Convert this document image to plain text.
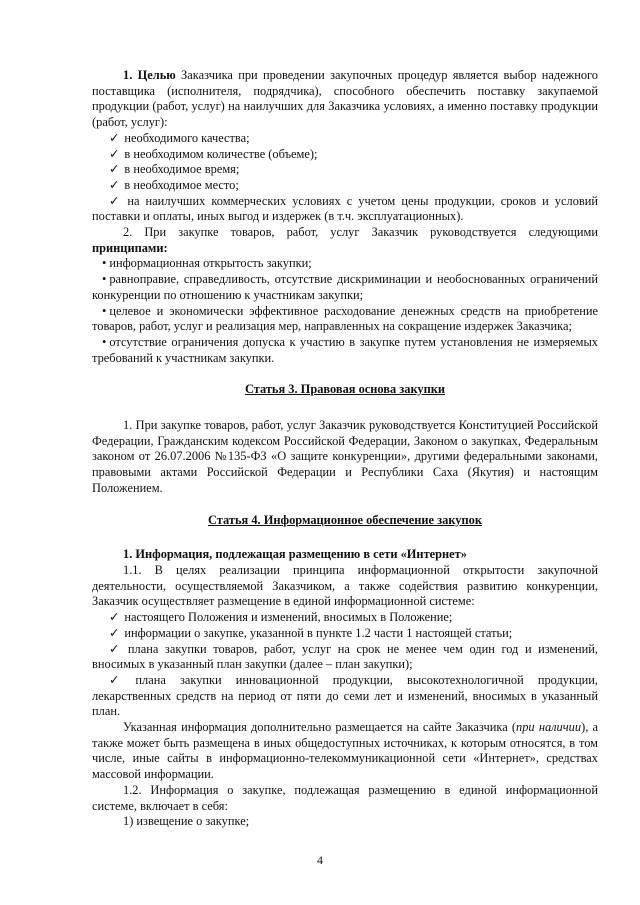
1. Целью Заказчика при проведении закупочных процедур является выбор надежного поставщика (исполнителя, подрядчика), способного обеспечить поставку закупаемой продукции (работ, услуг) на наилучших для Заказчика условиях, а именно поставку продукции (работ, услуг):

✓ необходимого качества;

✓ в необходимом количестве (объеме);

✓ в необходимое время;

✓ в необходимое место;

✓ на наилучших коммерческих условиях с учетом цены продукции, сроков и условий поставки и оплаты, иных выгод и издержек (в т.ч. эксплуатационных).

2. При закупке товаров, работ, услуг Заказчик руководствуется следующими принципами:

• информационная открытость закупки;

• равноправие, справедливость, отсутствие дискриминации и необоснованных ограничений конкуренции по отношению к участникам закупки;

• целевое и экономически эффективное расходование денежных средств на приобретение товаров, работ, услуг и реализация мер, направленных на сокращение издержек Заказчика;

• отсутствие ограничения допуска к участию в закупке путем установления не измеряемых требований к участникам закупки.

Статья 3. Правовая основа закупки

1. При закупке товаров, работ, услуг Заказчик руководствуется Конституцией Российской Федерации, Гражданским кодексом Российской Федерации, Законом о закупках, Федеральным законом от 26.07.2006 №135-ФЗ «О защите конкуренции», другими федеральными законами, правовыми актами Российской Федерации и Республики Саха (Якутия) и настоящим Положением.

Статья 4. Информационное обеспечение закупок

1. Информация, подлежащая размещению в сети «Интернет»

1.1. В целях реализации принципа информационной открытости закупочной деятельности, осуществляемой Заказчиком, а также содействия развитию конкуренции, Заказчик осуществляет размещение в единой информационной системе:

✓ настоящего Положения и изменений, вносимых в Положение;

✓ информации о закупке, указанной в пункте 1.2 части 1 настоящей статьи;

✓ плана закупки товаров, работ, услуг на срок не менее чем один год и изменений, вносимых в указанный план закупки (далее – план закупки);

✓ плана закупки инновационной продукции, высокотехнологичной продукции, лекарственных средств на период от пяти до семи лет и изменений, вносимых в указанный план.

Указанная информация дополнительно размещается на сайте Заказчика (при наличии), а также может быть размещена в иных общедоступных источниках, к которым относятся, в том числе, иные сайты в информационно-телекоммуникационной сети «Интернет», средствах массовой информации.

1.2. Информация о закупке, подлежащая размещению в единой информационной системе, включает в себя:

1) извещение о закупке;

4
